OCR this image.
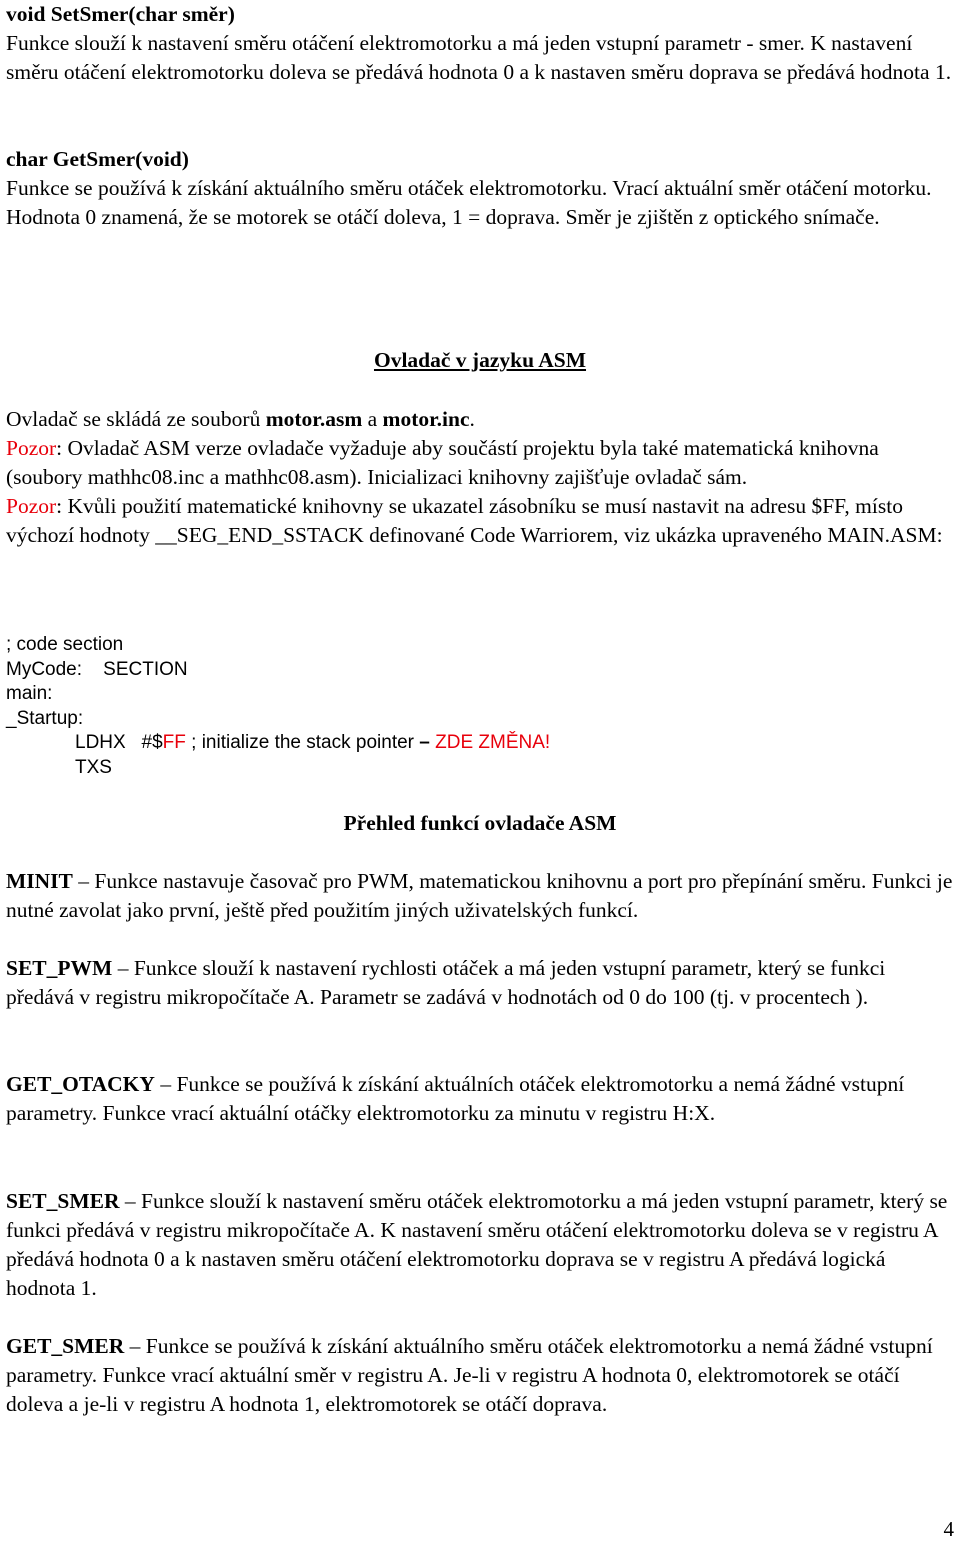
void SetSmer(char směr)

Funkce slouží k nastavení směru otáčení elektromotorku a má jeden vstupní parametr - smer. K nastavení směru otáčení elektromotorku doleva se předává hodnota 0 a k nastaven směru doprava se předává hodnota 1.

char GetSmer(void)

Funkce se používá k získání aktuálního směru otáček elektromotorku. Vrací aktuální směr otáčení motorku. Hodnota 0 znamená, že se motorek se otáčí doleva, 1 = doprava. Směr je zjištěn z optického snímače.

Ovladač v jazyku ASM

Ovladač se skládá ze souborů motor.asm a motor.inc.

Pozor: Ovladač ASM verze ovladače vyžaduje aby součástí projektu byla také matematická knihovna (soubory mathhc08.inc a mathhc08.asm). Inicializaci knihovny zajišťuje ovladač sám.

Pozor: Kvůli použití matematické knihovny se ukazatel zásobníku se musí nastavit na adresu $FF, místo výchozí hodnoty __SEG_END_SSTACK definované Code Warriorem, viz ukázka upraveného MAIN.ASM:

; code section

MyCode:    SECTION

main:

_Startup:

LDHX   #$FF ; initialize the stack pointer – ZDE ZMĚNA!

TXS

Přehled funkcí ovladače ASM

MINIT – Funkce nastavuje časovač pro PWM, matematickou knihovnu a port pro přepínání směru. Funkci je nutné zavolat jako první, ještě před použitím jiných uživatelských funkcí.

SET_PWM – Funkce slouží k nastavení rychlosti otáček a má jeden vstupní parametr, který se funkci předává v registru mikropočítače A. Parametr se zadává v hodnotách od 0 do 100 (tj. v procentech ).

GET_OTACKY – Funkce se používá k získání aktuálních otáček elektromotorku a nemá žádné vstupní parametry. Funkce vrací aktuální otáčky elektromotorku za minutu v registru H:X.

SET_SMER – Funkce slouží k nastavení směru otáček elektromotorku a má jeden vstupní parametr, který se funkci předává v registru mikropočítače A. K nastavení směru otáčení elektromotorku doleva se v registru A předává hodnota 0 a k nastaven směru otáčení elektromotorku doprava se v registru A předává logická hodnota 1.

GET_SMER – Funkce se používá k získání aktuálního směru otáček elektromotorku a nemá žádné vstupní parametry. Funkce vrací aktuální směr v registru A. Je-li v registru A hodnota 0, elektromotorek se otáčí doleva a je-li v registru A hodnota 1, elektromotorek se otáčí doprava.

4
